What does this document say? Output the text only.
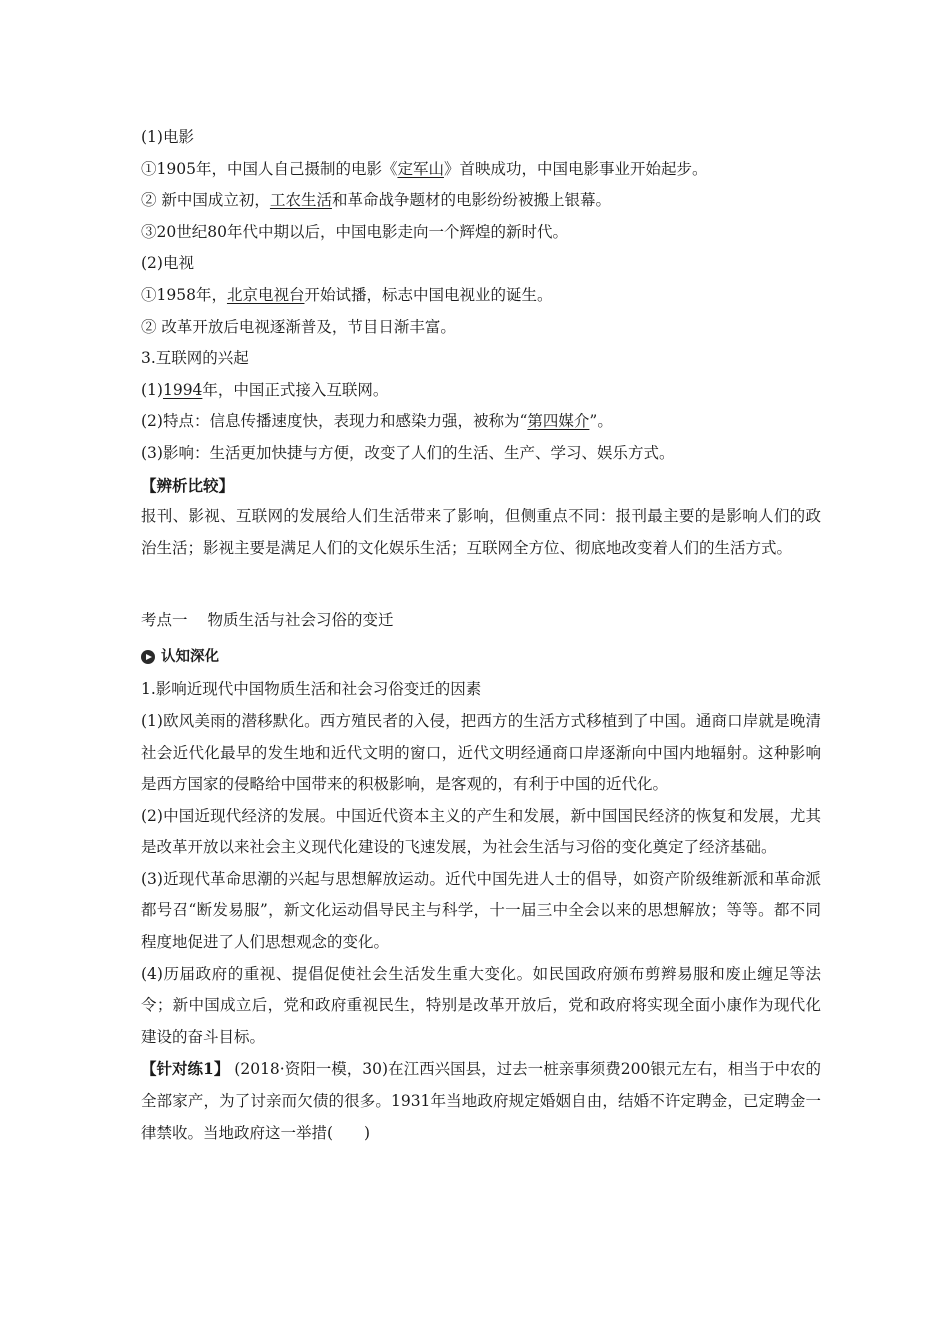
(1)电影
①1905年，中国人自己摄制的电影《定军山》首映成功，中国电影事业开始起步。
② 新中国成立初，工农生活和革命战争题材的电影纷纷被搬上银幕。
③20世纪80年代中期以后，中国电影走向一个辉煌的新时代。
(2)电视
①1958年，北京电视台开始试播，标志中国电视业的诞生。
② 改革开放后电视逐渐普及，节目日渐丰富。
3.互联网的兴起
(1)1994年，中国正式接入互联网。
(2)特点：信息传播速度快，表现力和感染力强，被称为“第四媒介”。
(3)影响：生活更加快捷与方便，改变了人们的生活、生产、学习、娱乐方式。
【辨析比较】
报刊、影视、互联网的发展给人们生活带来了影响，但侧重点不同：报刊最主要的是影响人们的政治生活；影视主要是满足人们的文化娱乐生活；互联网全方位、彻底地改变着人们的生活方式。
考点一 物质生活与社会习俗的变迁
认知深化
1.影响近现代中国物质生活和社会习俗变迁的因素
(1)欧风美雨的潜移默化。西方殖民者的入侵，把西方的生活方式移植到了中国。通商口岸就是晚清社会近代化最早的发生地和近代文明的窗口，近代文明经通商口岸逐渐向中国内地辐射。这种影响是西方国家的侵略给中国带来的积极影响，是客观的，有利于中国的近代化。
(2)中国近现代经济的发展。中国近代资本主义的产生和发展，新中国国民经济的恢复和发展，尤其是改革开放以来社会主义现代化建设的飞速发展，为社会生活与习俗的变化奠定了经济基础。
(3)近现代革命思潮的兴起与思想解放运动。近代中国先进人士的倡导，如资产阶级维新派和革命派都号召“断发易服”，新文化运动倡导民主与科学，十一届三中全会以来的思想解放；等等。都不同程度地促进了人们思想观念的变化。
(4)历届政府的重视、提倡促使社会生活发生重大变化。如民国政府颁布剪辫易服和废止缠足等法令；新中国成立后，党和政府重视民生，特别是改革开放后，党和政府将实现全面小康作为现代化建设的奋斗目标。
【针对练1】 (2018·资阳一模，30)在江西兴国县，过去一桩亲事须费200银元左右，相当于中农的全部家产，为了讨亲而欠债的很多。1931年当地政府规定婚姻自由，结婚不许定聘金，已定聘金一律禁收。当地政府这一举措(　　)
